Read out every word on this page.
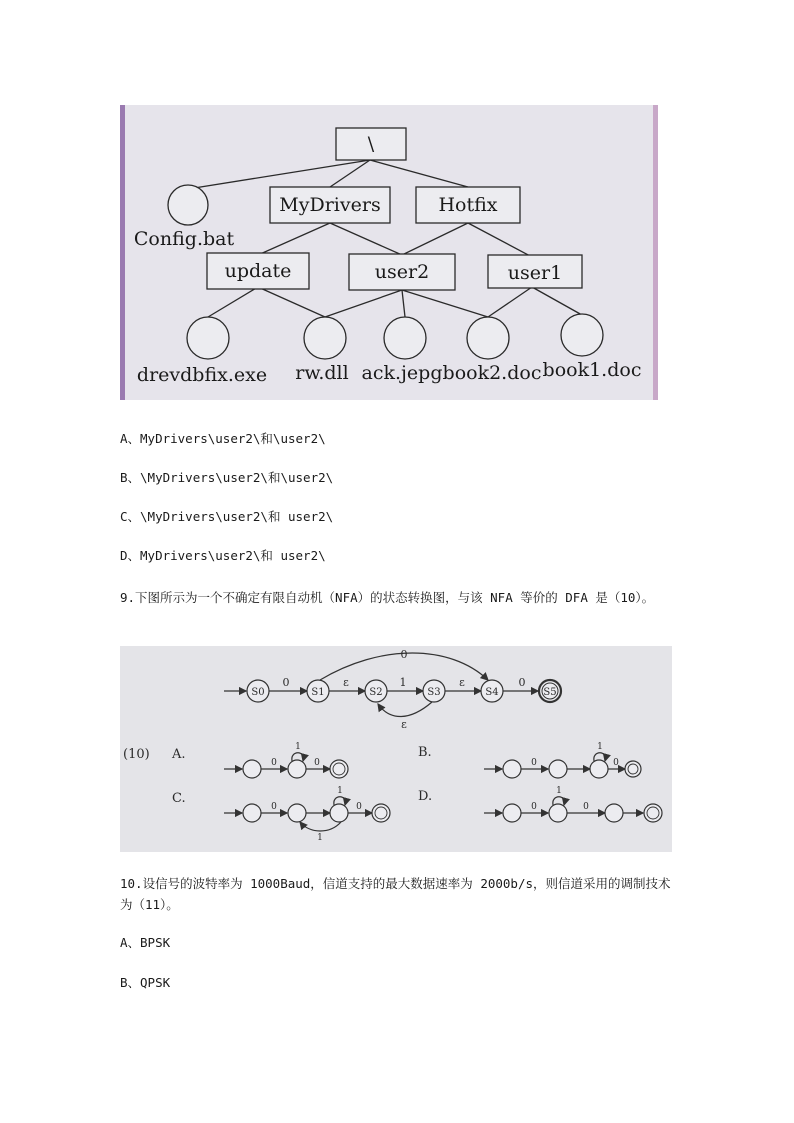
\
Config.bat
MyDrivers	Hotfix
update	user2	user1
drevdbfix.exe rw.dll ack.jepg book2.doc book1.doc
A、MyDrivers\user2\和\user2\
B、\MyDrivers\user2\和\user2\
C、\MyDrivers\user2\和 user2\
D、MyDrivers\user2\和 user2\
9.下图所示为一个不确定有限自动机（NFA）的状态转换图，与该 NFA 等价的 DFA 是（10）。
S0	S1	S2	S3	S4	S5
0	ε	1	ε	0
0
ε
(10) A.	B.
C.	D.
0
1
0	0
1
0
0
1
0
1
0
1
0
10.设信号的波特率为 1000Baud，信道支持的最大数据速率为 2000b/s，则信道采用的调制技术为（11）。
A、BPSK
B、QPSK
